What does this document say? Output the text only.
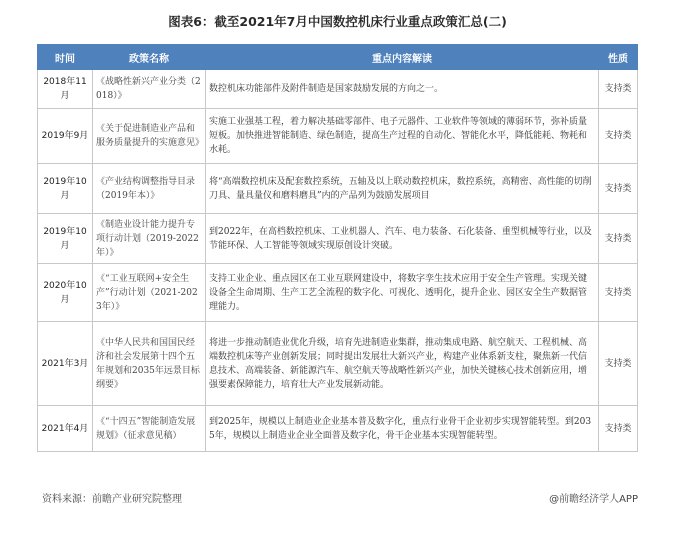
图表6：截至2021年7月中国数控机床行业重点政策汇总(二)
时间	政策名称	重点内容解读	性质
2018年11月	《战略性新兴产业分类（2018）》	数控机床功能部件及附件制造是国家鼓励发展的方向之一。	支持类
2019年9月	《关于促进制造业产品和服务质量提升的实施意见》	实施工业强基工程，着力解决基础零部件、电子元器件、工业软件等领域的薄弱环节，弥补质量短板。加快推进智能制造、绿色制造，提高生产过程的自动化、智能化水平，降低能耗、物耗和水耗。	支持类
2019年10月	《产业结构调整指导目录（2019年本）》	将“高端数控机床及配套数控系统，五轴及以上联动数控机床，数控系统，高精密、高性能的切削刀具、量具量仪和磨料磨具”内的产品列为鼓励发展项目	支持类
2019年10月	《制造业设计能力提升专项行动计划（2019-2022年）》	到2022年，在高档数控机床、工业机器人、汽车、电力装备、石化装备、重型机械等行业，以及节能环保、人工智能等领域实现原创设计突破。	支持类
2020年10月	《“工业互联网+安全生产”行动计划（2021-2023年）》	支持工业企业、重点园区在工业互联网建设中，将数字孪生技术应用于安全生产管理。实现关键设备全生命周期、生产工艺全流程的数字化、可视化、透明化，提升企业、园区安全生产数据管理能力。	支持类
2021年3月	《中华人民共和国国民经济和社会发展第十四个五年规划和2035年远景目标纲要》	将进一步推动制造业优化升级，培育先进制造业集群，推动集成电路、航空航天、工程机械、高端数控机床等产业创新发展；同时提出发展壮大新兴产业，构建产业体系新支柱，聚焦新一代信息技术、高端装备、新能源汽车、航空航天等战略性新兴产业，加快关键核心技术创新应用，增强要素保障能力，培育壮大产业发展新动能。	支持类
2021年4月	《“十四五”智能制造发展规划》（征求意见稿）	到2025年，规模以上制造业企业基本普及数字化，重点行业骨干企业初步实现智能转型。到2035年，规模以上制造业企业全面普及数字化，骨干企业基本实现智能转型。	支持类
资料来源：前瞻产业研究院整理	@前瞻经济学人APP
